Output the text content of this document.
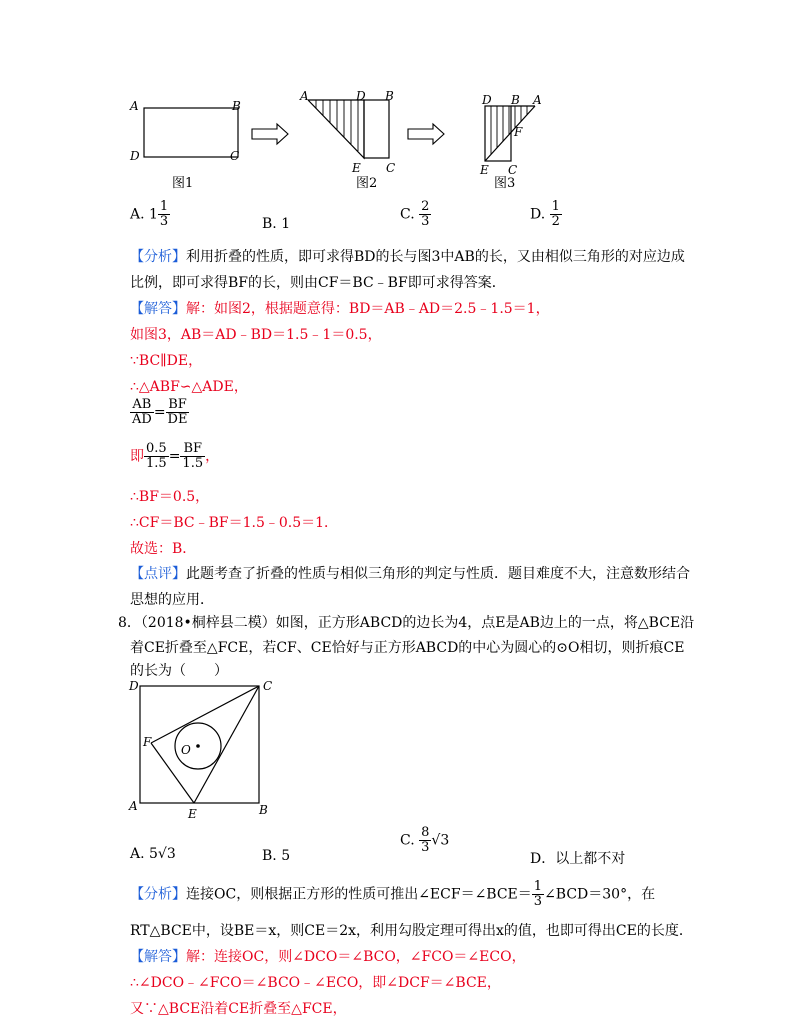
A	B
D	C
图1
A	D B
E C
图2
D B A
F
E C
图3
A. $1 \frac{1}{3}$	B. 1
C. $\frac{2}{3}$	D. $\frac{1}{2}$
【分析】利用折叠的性质，即可求得BD的长与图3中AB的长，又由相似三角形的对应边成
比例，即可求得BF的长，则由CF＝BC﹣BF即可求得答案．
【解答】解：如图2，根据题意得：BD＝AB﹣AD＝2.5﹣1.5＝1，
如图3，AB＝AD﹣BD＝1.5﹣1＝0.5，
∵BC∥DE，
∴△ABF∽△ADE，
$\frac{AB}{AD} = \frac{BF}{DE}$
即 $\frac{0.5}{1.5} = \frac{BF}{1.5}$ ，
∴BF＝0.5，
∴CF＝BC﹣BF＝1.5﹣0.5＝1．
故选：B．
【点评】此题考查了折叠的性质与相似三角形的判定与性质．题目难度不大，注意数形结合
思想的应用．
8．（2018•桐梓县二模）如图，正方形ABCD的边长为4，点E是AB边上的一点，将△BCE沿
着CE折叠至△FCE，若CF、CE恰好与正方形ABCD的中心为圆心的⊙O相切，则折痕CE
的长为（　　）
D	C
F
O
A
E	B
A. 5√3	B. 5
C. $\frac{8}{3} √3$
D．以上都不对
【分析】连接OC，则根据正方形的性质可推出∠ECF＝∠BCE＝ $\frac{1}{3}$ ∠BCD＝30°，在
RT△BCE中，设BE＝x，则CE＝2x，利用勾股定理可得出x的值，也即可得出CE的长度．
【解答】解：连接OC，则∠DCO＝∠BCO，∠FCO＝∠ECO，
∴∠DCO﹣∠FCO＝∠BCO﹣∠ECO，即∠DCF＝∠BCE，
又∵△BCE沿着CE折叠至△FCE，
